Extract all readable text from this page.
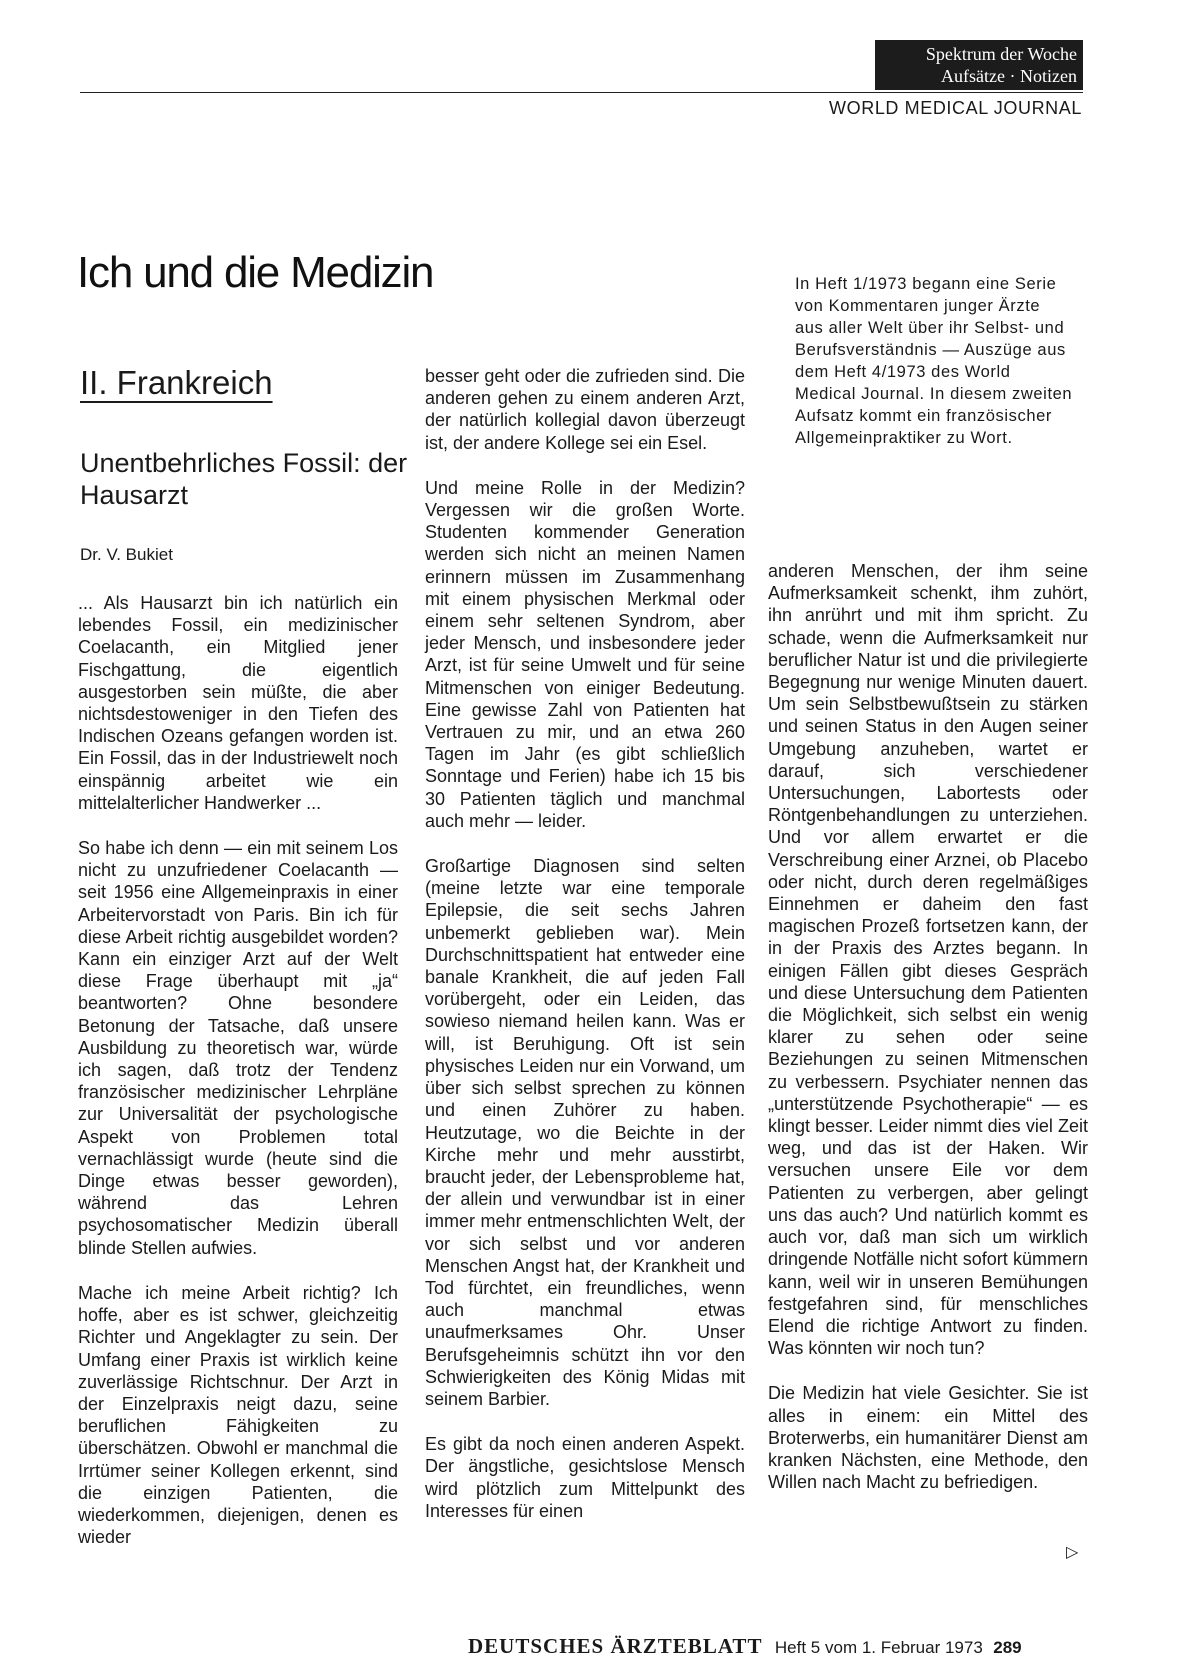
Spektrum der Woche
Aufsätze · Notizen
WORLD MEDICAL JOURNAL
Ich und die Medizin
II. Frankreich
Unentbehrliches Fossil: der Hausarzt
Dr. V. Bukiet

In Heft 1/1973 begann eine Serie von Kommentaren junger Ärzte aus aller Welt über ihr Selbst- und Berufsverständnis — Auszüge aus dem Heft 4/1973 des World Medical Journal. In diesem zweiten Aufsatz kommt ein französischer Allgemeinpraktiker zu Wort.

... Als Hausarzt bin ich natürlich ein lebendes Fossil, ein medizinischer Coelacanth, ein Mitglied jener Fischgattung, die eigentlich ausgestorben sein müßte, die aber nichtsdestoweniger in den Tiefen des Indischen Ozeans gefangen worden ist. Ein Fossil, das in der Industriewelt noch einspännig arbeitet wie ein mittelalterlicher Handwerker ...

So habe ich denn — ein mit seinem Los nicht zu unzufriedener Coelacanth — seit 1956 eine Allgemeinpraxis in einer Arbeitervorstadt von Paris. Bin ich für diese Arbeit richtig ausgebildet worden? Kann ein einziger Arzt auf der Welt diese Frage überhaupt mit „ja“ beantworten? Ohne besondere Betonung der Tatsache, daß unsere Ausbildung zu theoretisch war, würde ich sagen, daß trotz der Tendenz französischer medizinischer Lehrpläne zur Universalität der psychologische Aspekt von Problemen total vernachlässigt wurde (heute sind die Dinge etwas besser geworden), während das Lehren psychosomatischer Medizin überall blinde Stellen aufwies.

Mache ich meine Arbeit richtig? Ich hoffe, aber es ist schwer, gleichzeitig Richter und Angeklagter zu sein. Der Umfang einer Praxis ist wirklich keine zuverlässige Richtschnur. Der Arzt in der Einzelpraxis neigt dazu, seine beruflichen Fähigkeiten zu überschätzen. Obwohl er manchmal die Irrtümer seiner Kollegen erkennt, sind die einzigen Patienten, die wiederkommen, diejenigen, denen es wieder

besser geht oder die zufrieden sind. Die anderen gehen zu einem anderen Arzt, der natürlich kollegial davon überzeugt ist, der andere Kollege sei ein Esel.

Und meine Rolle in der Medizin? Vergessen wir die großen Worte. Studenten kommender Generation werden sich nicht an meinen Namen erinnern müssen im Zusammenhang mit einem physischen Merkmal oder einem sehr seltenen Syndrom, aber jeder Mensch, und insbesondere jeder Arzt, ist für seine Umwelt und für seine Mitmenschen von einiger Bedeutung. Eine gewisse Zahl von Patienten hat Vertrauen zu mir, und an etwa 260 Tagen im Jahr (es gibt schließlich Sonntage und Ferien) habe ich 15 bis 30 Patienten täglich und manchmal auch mehr — leider.

Großartige Diagnosen sind selten (meine letzte war eine temporale Epilepsie, die seit sechs Jahren unbemerkt geblieben war). Mein Durchschnittspatient hat entweder eine banale Krankheit, die auf jeden Fall vorübergeht, oder ein Leiden, das sowieso niemand heilen kann. Was er will, ist Beruhigung. Oft ist sein physisches Leiden nur ein Vorwand, um über sich selbst sprechen zu können und einen Zuhörer zu haben. Heutzutage, wo die Beichte in der Kirche mehr und mehr ausstirbt, braucht jeder, der Lebensprobleme hat, der allein und verwundbar ist in einer immer mehr entmenschlichten Welt, der vor sich selbst und vor anderen Menschen Angst hat, der Krankheit und Tod fürchtet, ein freundliches, wenn auch manchmal etwas unaufmerksames Ohr. Unser Berufsgeheimnis schützt ihn vor den Schwierigkeiten des König Midas mit seinem Barbier.

Es gibt da noch einen anderen Aspekt. Der ängstliche, gesichtslose Mensch wird plötzlich zum Mittelpunkt des Interesses für einen

anderen Menschen, der ihm seine Aufmerksamkeit schenkt, ihm zuhört, ihn anrührt und mit ihm spricht. Zu schade, wenn die Aufmerksamkeit nur beruflicher Natur ist und die privilegierte Begegnung nur wenige Minuten dauert. Um sein Selbstbewußtsein zu stärken und seinen Status in den Augen seiner Umgebung anzuheben, wartet er darauf, sich verschiedener Untersuchungen, Labortests oder Röntgenbehandlungen zu unterziehen. Und vor allem erwartet er die Verschreibung einer Arznei, ob Placebo oder nicht, durch deren regelmäßiges Einnehmen er daheim den fast magischen Prozeß fortsetzen kann, der in der Praxis des Arztes begann. In einigen Fällen gibt dieses Gespräch und diese Untersuchung dem Patienten die Möglichkeit, sich selbst ein wenig klarer zu sehen oder seine Beziehungen zu seinen Mitmenschen zu verbessern. Psychiater nennen das „unterstützende Psychotherapie“ — es klingt besser. Leider nimmt dies viel Zeit weg, und das ist der Haken. Wir versuchen unsere Eile vor dem Patienten zu verbergen, aber gelingt uns das auch? Und natürlich kommt es auch vor, daß man sich um wirklich dringende Notfälle nicht sofort kümmern kann, weil wir in unseren Bemühungen festgefahren sind, für menschliches Elend die richtige Antwort zu finden. Was könnten wir noch tun?

Die Medizin hat viele Gesichter. Sie ist alles in einem: ein Mittel des Broterwerbs, ein humanitärer Dienst am kranken Nächsten, eine Methode, den Willen nach Macht zu befriedigen.

▷
DEUTSCHES ÄRZTEBLATT Heft 5 vom 1. Februar 1973 289
